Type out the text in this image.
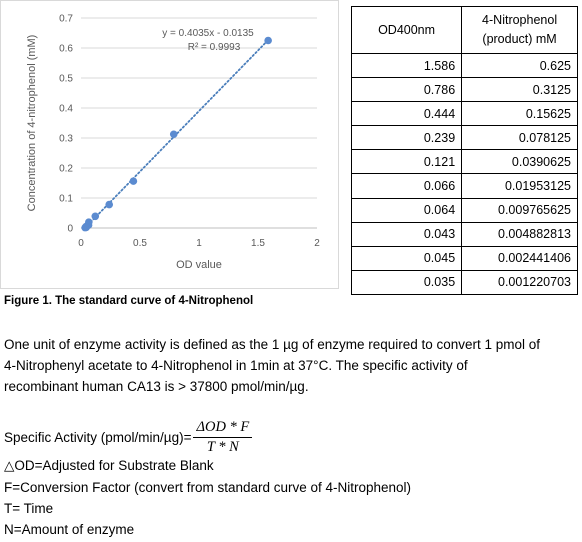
0
0.1
0.2
0.3
0.4
0.5
0.6
0.7
0	0.5	1	1.5	2
OD value
Concentration of 4-nitrophenol (mM)
y = 0.4035x - 0.0135
R² = 0.9993
Figure 1. The standard curve of 4-Nitrophenol
OD400nm	4-Nitrophenol
(product) mM
1.586	0.625
0.786	0.3125
0.444	0.15625
0.239	0.078125
0.121	0.0390625
0.066	0.01953125
0.064	0.009765625
0.043	0.004882813
0.045	0.002441406
0.035	0.001220703
One unit of enzyme activity is defined as the 1 µg of enzyme required to convert 1 pmol of
4-Nitrophenyl acetate to 4-Nitrophenol in 1min at 37°C. The specific activity of
recombinant human CA13 is > 37800 pmol/min/µg.
Specific Activity (pmol/min/µg)= $\frac{\text{ΔOD * F}}{T * N}$
△OD=Adjusted for Substrate Blank
F=Conversion Factor (convert from standard curve of 4-Nitrophenol)
T= Time
N=Amount of enzyme
